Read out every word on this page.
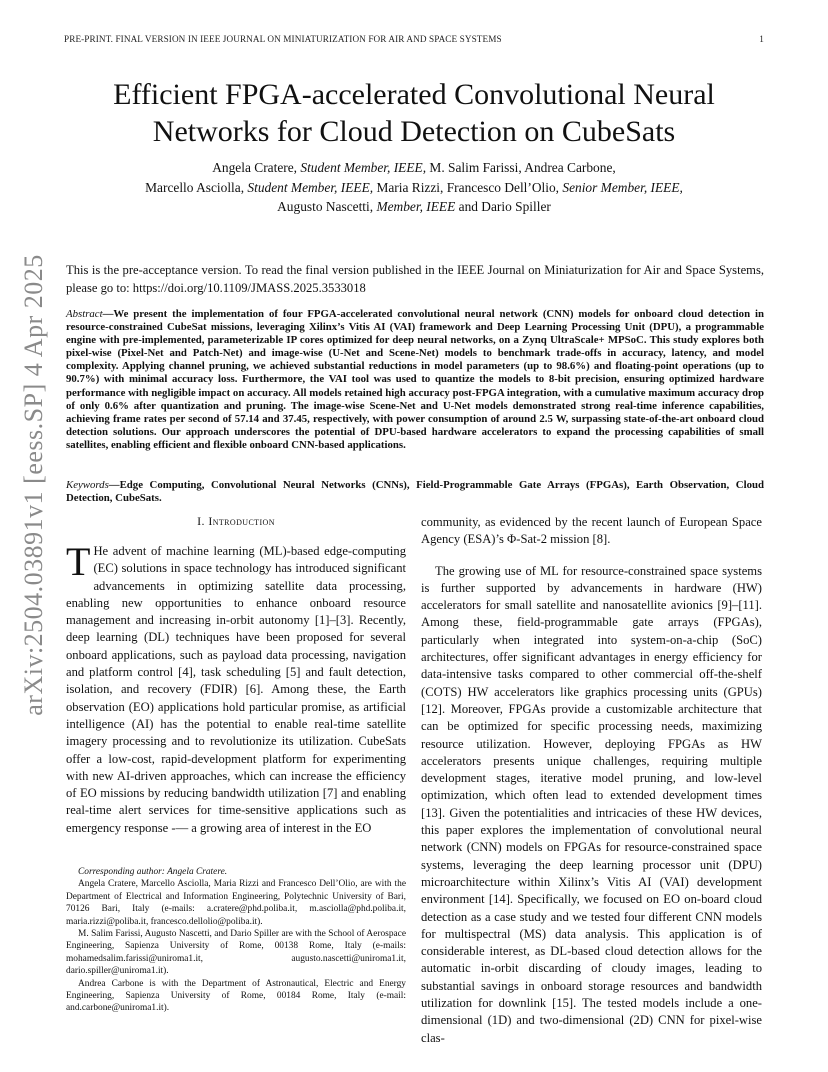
PRE-PRINT. FINAL VERSION IN IEEE JOURNAL ON MINIATURIZATION FOR AIR AND SPACE SYSTEMS	1
arXiv:2504.03891v1 [eess.SP] 4 Apr 2025
Efficient FPGA-accelerated Convolutional Neural
Networks for Cloud Detection on CubeSats
Angela Cratere, Student Member, IEEE, M. Salim Farissi, Andrea Carbone,
Marcello Asciolla, Student Member, IEEE, Maria Rizzi, Francesco Dell’Olio, Senior Member, IEEE,
Augusto Nascetti, Member, IEEE and Dario Spiller
This is the pre-acceptance version. To read the final version published in the IEEE Journal on Miniaturization for Air and Space Systems, please go to: https://doi.org/10.1109/JMASS.2025.3533018
Abstract—We present the implementation of four FPGA-accelerated convolutional neural network (CNN) models for onboard cloud detection in resource-constrained CubeSat missions, leveraging Xilinx’s Vitis AI (VAI) framework and Deep Learning Processing Unit (DPU), a programmable engine with pre-implemented, parameterizable IP cores optimized for deep neural networks, on a Zynq UltraScale+ MPSoC. This study explores both pixel-wise (Pixel-Net and Patch-Net) and image-wise (U-Net and Scene-Net) models to benchmark trade-offs in accuracy, latency, and model complexity. Applying channel pruning, we achieved substantial reductions in model parameters (up to 98.6%) and floating-point operations (up to 90.7%) with minimal accuracy loss. Furthermore, the VAI tool was used to quantize the models to 8-bit precision, ensuring optimized hardware performance with negligible impact on accuracy. All models retained high accuracy post-FPGA integration, with a cumulative maximum accuracy drop of only 0.6% after quantization and pruning. The image-wise Scene-Net and U-Net models demonstrated strong real-time inference capabilities, achieving frame rates per second of 57.14 and 37.45, respectively, with power consumption of around 2.5 W, surpassing state-of-the-art onboard cloud detection solutions. Our approach underscores the potential of DPU-based hardware accelerators to expand the processing capabilities of small satellites, enabling efficient and flexible onboard CNN-based applications.
Keywords—Edge Computing, Convolutional Neural Networks (CNNs), Field-Programmable Gate Arrays (FPGAs), Earth Observation, Cloud Detection, CubeSats.
I. Introduction

T He advent of machine learning (ML)-based edge-computing (EC) solutions in space technology has introduced significant advancements in optimizing satellite data processing, enabling new opportunities to enhance onboard resource management and increasing in-orbit autonomy [1]–[3]. Recently, deep learning (DL) techniques have been proposed for several onboard applications, such as payload data processing, navigation and platform control [4], task scheduling [5] and fault detection, isolation, and recovery (FDIR) [6]. Among these, the Earth observation (EO) applications hold particular promise, as artificial intelligence (AI) has the potential to enable real-time satellite imagery processing and to revolutionize its utilization. CubeSats offer a low-cost, rapid-development platform for experimenting with new AI-driven approaches, which can increase the efficiency of EO missions by reducing bandwidth utilization [7] and enabling real-time alert services for time-sensitive applications such as emergency response -— a growing area of interest in the EO

Corresponding author: Angela Cratere.

Angela Cratere, Marcello Asciolla, Maria Rizzi and Francesco Dell’Olio, are with the Department of Electrical and Information Engineering, Polytechnic University of Bari, 70126 Bari, Italy (e-mails: a.cratere@phd.poliba.it, m.asciolla@phd.poliba.it, maria.rizzi@poliba.it, francesco.dellolio@poliba.it).

M. Salim Farissi, Augusto Nascetti, and Dario Spiller are with the School of Aerospace Engineering, Sapienza University of Rome, 00138 Rome, Italy (e-mails: mohamedsalim.farissi@uniroma1.it, augusto.nascetti@uniroma1.it, dario.spiller@uniroma1.it).

Andrea Carbone is with the Department of Astronautical, Electric and Energy Engineering, Sapienza University of Rome, 00184 Rome, Italy (e-mail: and.carbone@uniroma1.it).

community, as evidenced by the recent launch of European Space Agency (ESA)’s Φ-Sat-2 mission [8].

The growing use of ML for resource-constrained space systems is further supported by advancements in hardware (HW) accelerators for small satellite and nanosatellite avionics [9]–[11]. Among these, field-programmable gate arrays (FPGAs), particularly when integrated into system-on-a-chip (SoC) architectures, offer significant advantages in energy efficiency for data-intensive tasks compared to other commercial off-the-shelf (COTS) HW accelerators like graphics processing units (GPUs) [12]. Moreover, FPGAs provide a customizable architecture that can be optimized for specific processing needs, maximizing resource utilization. However, deploying FPGAs as HW accelerators presents unique challenges, requiring multiple development stages, iterative model pruning, and low-level optimization, which often lead to extended development times [13]. Given the potentialities and intricacies of these HW devices, this paper explores the implementation of convolutional neural network (CNN) models on FPGAs for resource-constrained space systems, leveraging the deep learning processor unit (DPU) microarchitecture within Xilinx’s Vitis AI (VAI) development environment [14]. Specifically, we focused on EO on-board cloud detection as a case study and we tested four different CNN models for multispectral (MS) data analysis. This application is of considerable interest, as DL-based cloud detection allows for the automatic in-orbit discarding of cloudy images, leading to substantial savings in onboard storage resources and bandwidth utilization for downlink [15]. The tested models include a one-dimensional (1D) and two-dimensional (2D) CNN for pixel-wise clas-
